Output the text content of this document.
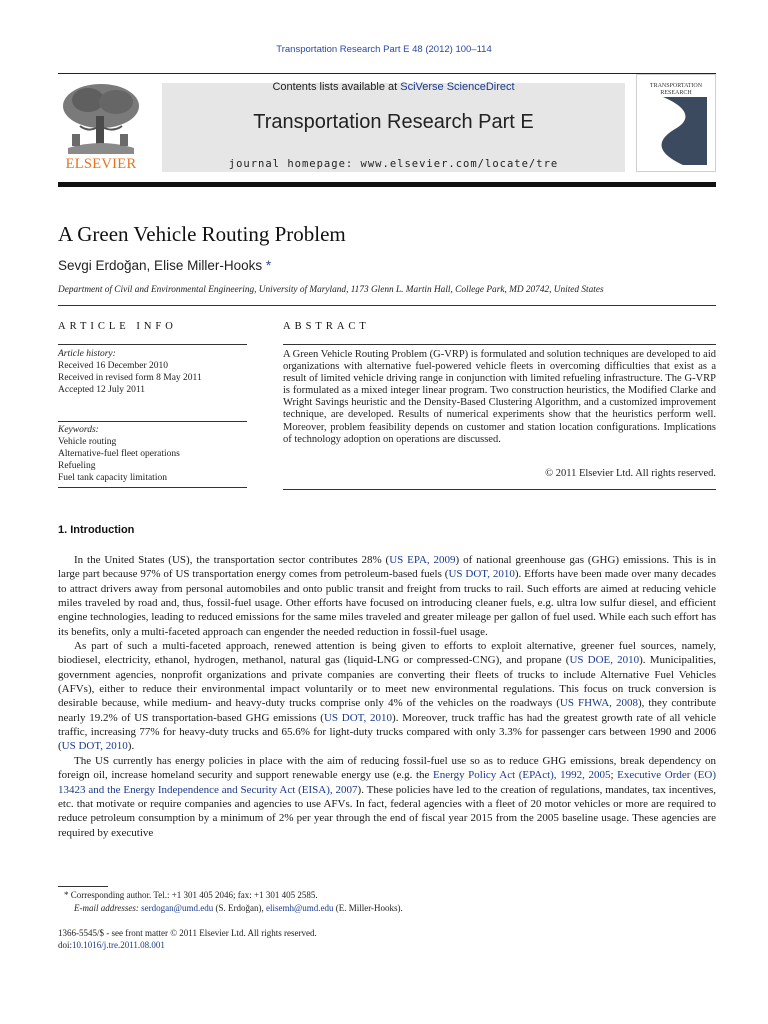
Transportation Research Part E 48 (2012) 100–114
ELSEVIER
Contents lists available at SciVerse ScienceDirect
Transportation Research Part E
journal homepage: www.elsevier.com/locate/tre
TRANSPORTATION RESEARCH
A Green Vehicle Routing Problem
Sevgi Erdoğan, Elise Miller-Hooks *
Department of Civil and Environmental Engineering, University of Maryland, 1173 Glenn L. Martin Hall, College Park, MD 20742, United States
ARTICLE INFO
Article history:
Received 16 December 2010
Received in revised form 8 May 2011
Accepted 12 July 2011
Keywords:
Vehicle routing
Alternative-fuel fleet operations
Refueling
Fuel tank capacity limitation
ABSTRACT
A Green Vehicle Routing Problem (G-VRP) is formulated and solution techniques are developed to aid organizations with alternative fuel-powered vehicle fleets in overcoming difficulties that exist as a result of limited vehicle driving range in conjunction with limited refueling infrastructure. The G-VRP is formulated as a mixed integer linear program. Two construction heuristics, the Modified Clarke and Wright Savings heuristic and the Density-Based Clustering Algorithm, and a customized improvement technique, are developed. Results of numerical experiments show that the heuristics perform well. Moreover, problem feasibility depends on customer and station location configurations. Implications of technology adoption on operations are discussed.
© 2011 Elsevier Ltd. All rights reserved.
1. Introduction

In the United States (US), the transportation sector contributes 28% (US EPA, 2009) of national greenhouse gas (GHG) emissions. This is in large part because 97% of US transportation energy comes from petroleum-based fuels (US DOT, 2010). Efforts have been made over many decades to attract drivers away from personal automobiles and onto public transit and freight from trucks to rail. Such efforts are aimed at reducing vehicle miles traveled by road and, thus, fossil-fuel usage. Other efforts have focused on introducing cleaner fuels, e.g. ultra low sulfur diesel, and efficient engine technologies, leading to reduced emissions for the same miles traveled and greater mileage per gallon of fuel used. While each such effort has its benefits, only a multi-faceted approach can engender the needed reduction in fossil-fuel usage.

As part of such a multi-faceted approach, renewed attention is being given to efforts to exploit alternative, greener fuel sources, namely, biodiesel, electricity, ethanol, hydrogen, methanol, natural gas (liquid-LNG or compressed-CNG), and propane (US DOE, 2010). Municipalities, government agencies, nonprofit organizations and private companies are converting their fleets of trucks to include Alternative Fuel Vehicles (AFVs), either to reduce their environmental impact voluntarily or to meet new environmental regulations. This focus on truck conversion is desirable because, while medium- and heavy-duty trucks comprise only 4% of the vehicles on the roadways (US FHWA, 2008), they contribute nearly 19.2% of US transportation-based GHG emissions (US DOT, 2010). Moreover, truck traffic has had the greatest growth rate of all vehicle traffic, increasing 77% for heavy-duty trucks and 65.6% for light-duty trucks compared with only 3.3% for passenger cars between 1990 and 2006 (US DOT, 2010).

The US currently has energy policies in place with the aim of reducing fossil-fuel use so as to reduce GHG emissions, break dependency on foreign oil, increase homeland security and support renewable energy use (e.g. the Energy Policy Act (EPAct), 1992, 2005; Executive Order (EO) 13423 and the Energy Independence and Security Act (EISA), 2007). These policies have led to the creation of regulations, mandates, tax incentives, etc. that motivate or require companies and agencies to use AFVs. In fact, federal agencies with a fleet of 20 motor vehicles or more are required to reduce petroleum consumption by a minimum of 2% per year through the end of fiscal year 2015 from the 2005 baseline usage. These agencies are required by executive

* Corresponding author. Tel.: +1 301 405 2046; fax: +1 301 405 2585.
E-mail addresses: serdogan@umd.edu (S. Erdoğan), elisemh@umd.edu (E. Miller-Hooks).
1366-5545/$ - see front matter © 2011 Elsevier Ltd. All rights reserved.
doi:10.1016/j.tre.2011.08.001
